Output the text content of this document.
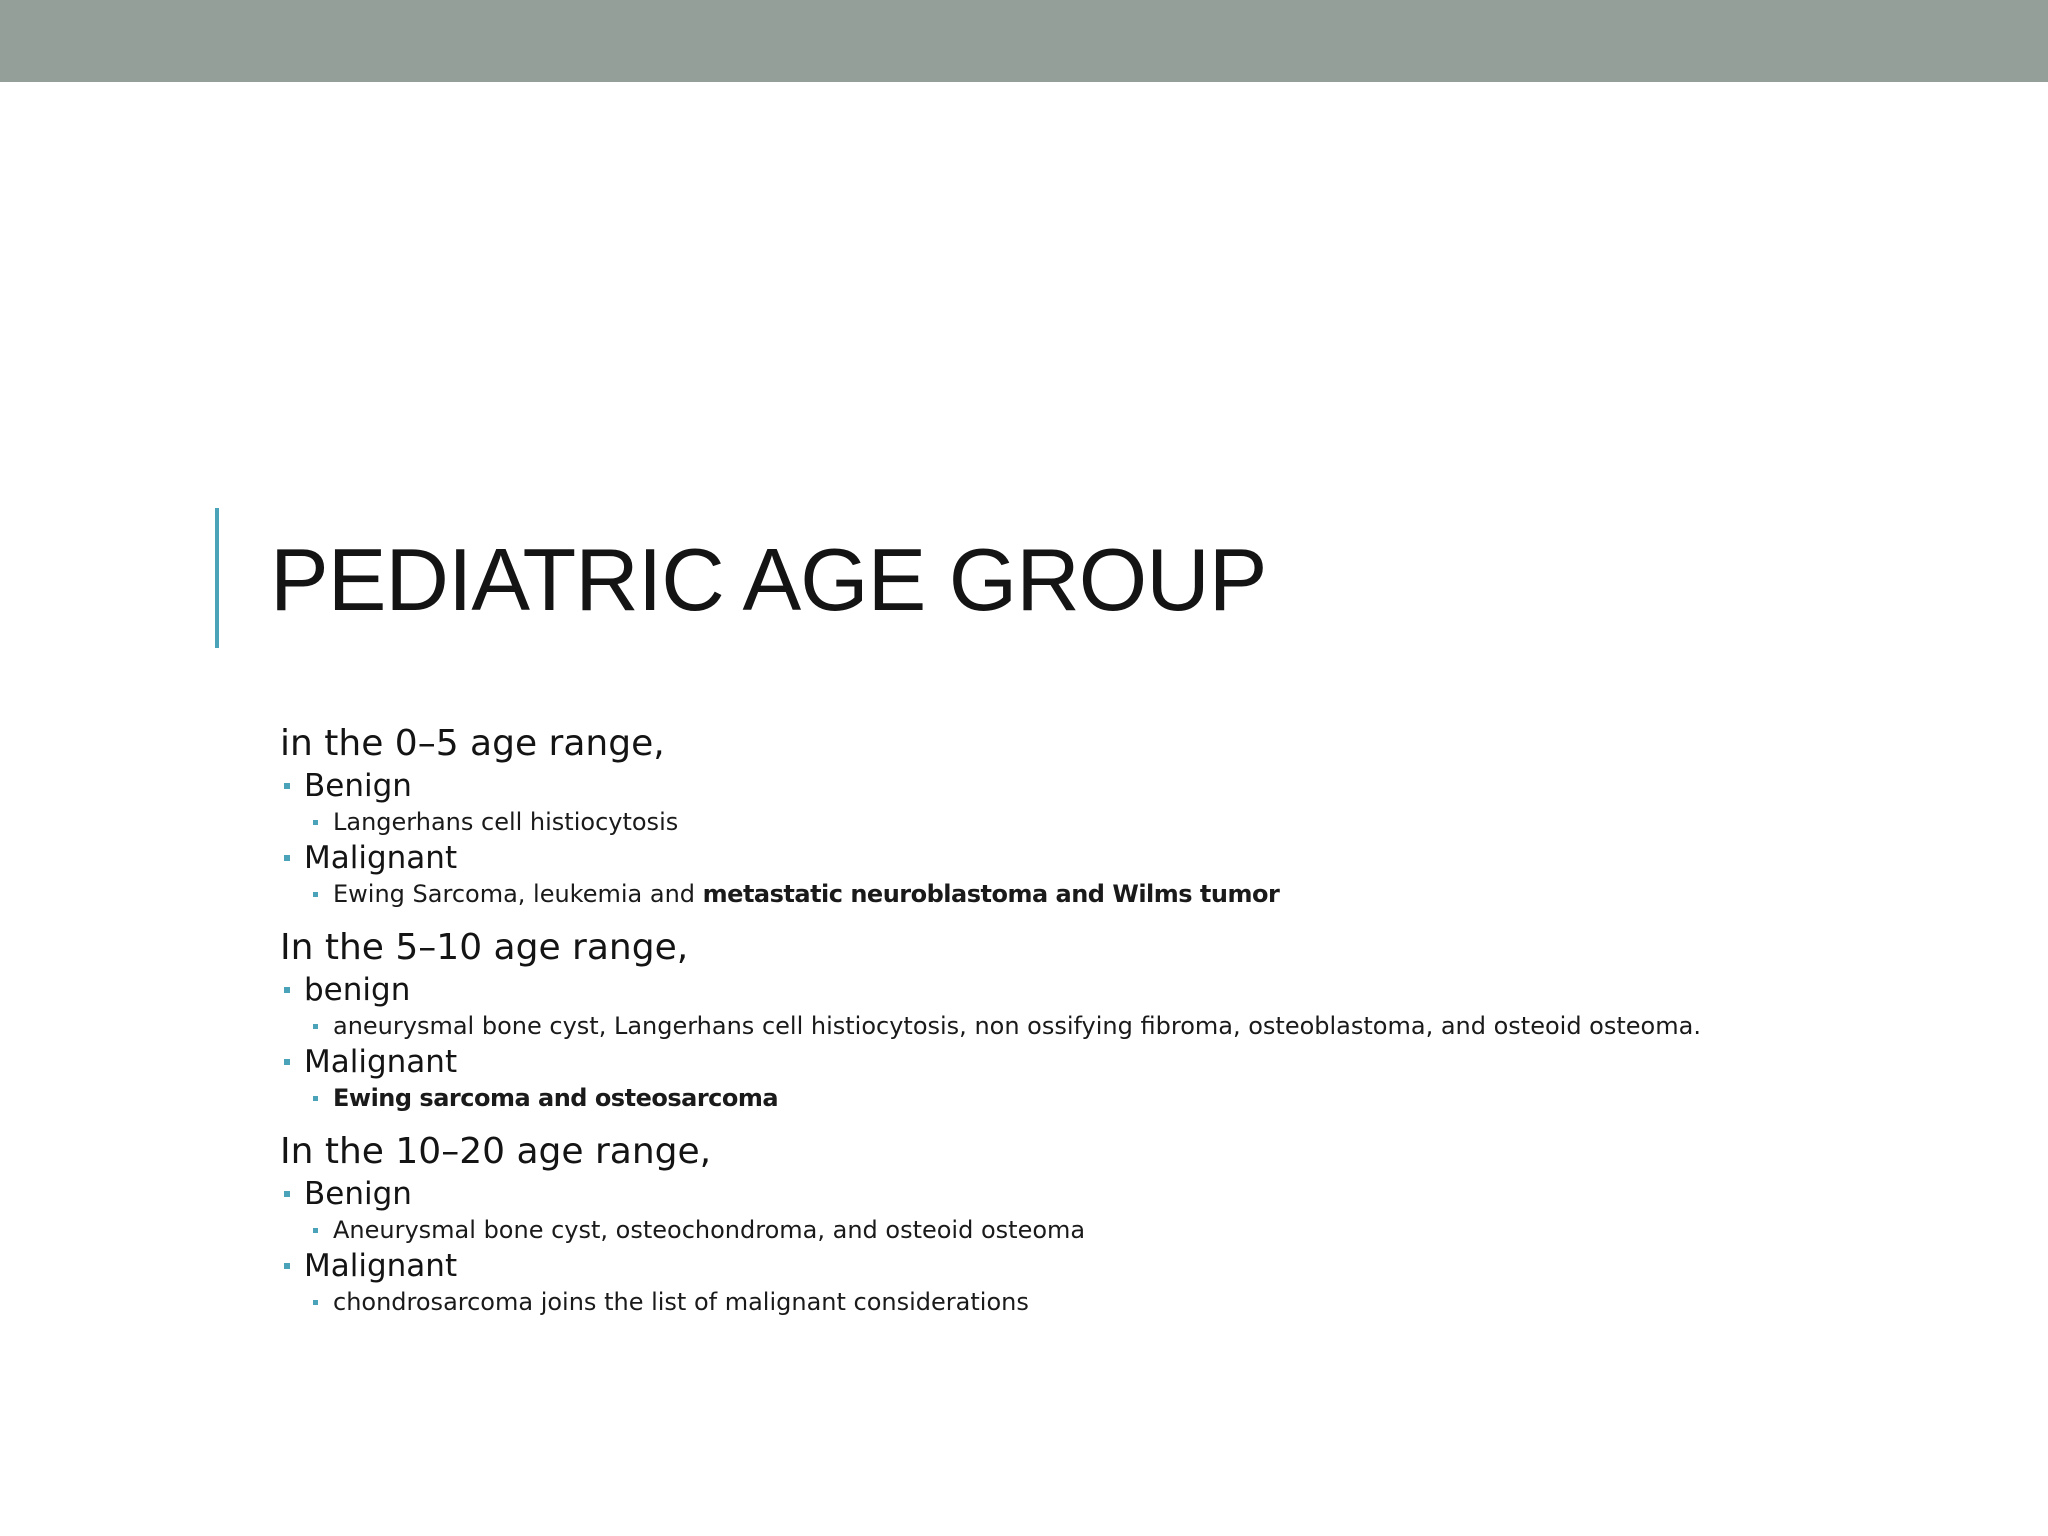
PEDIATRIC AGE GROUP
in the 0–5 age range,
Benign
Langerhans cell histiocytosis
Malignant
Ewing Sarcoma, leukemia and metastatic neuroblastoma and Wilms tumor
In the 5–10 age range,
benign
aneurysmal bone cyst, Langerhans cell histiocytosis, non ossifying fibroma, osteoblastoma, and osteoid osteoma.
Malignant
Ewing sarcoma and osteosarcoma
In the 10–20 age range,
Benign
Aneurysmal bone cyst, osteochondroma, and osteoid osteoma
Malignant
chondrosarcoma joins the list of malignant considerations
